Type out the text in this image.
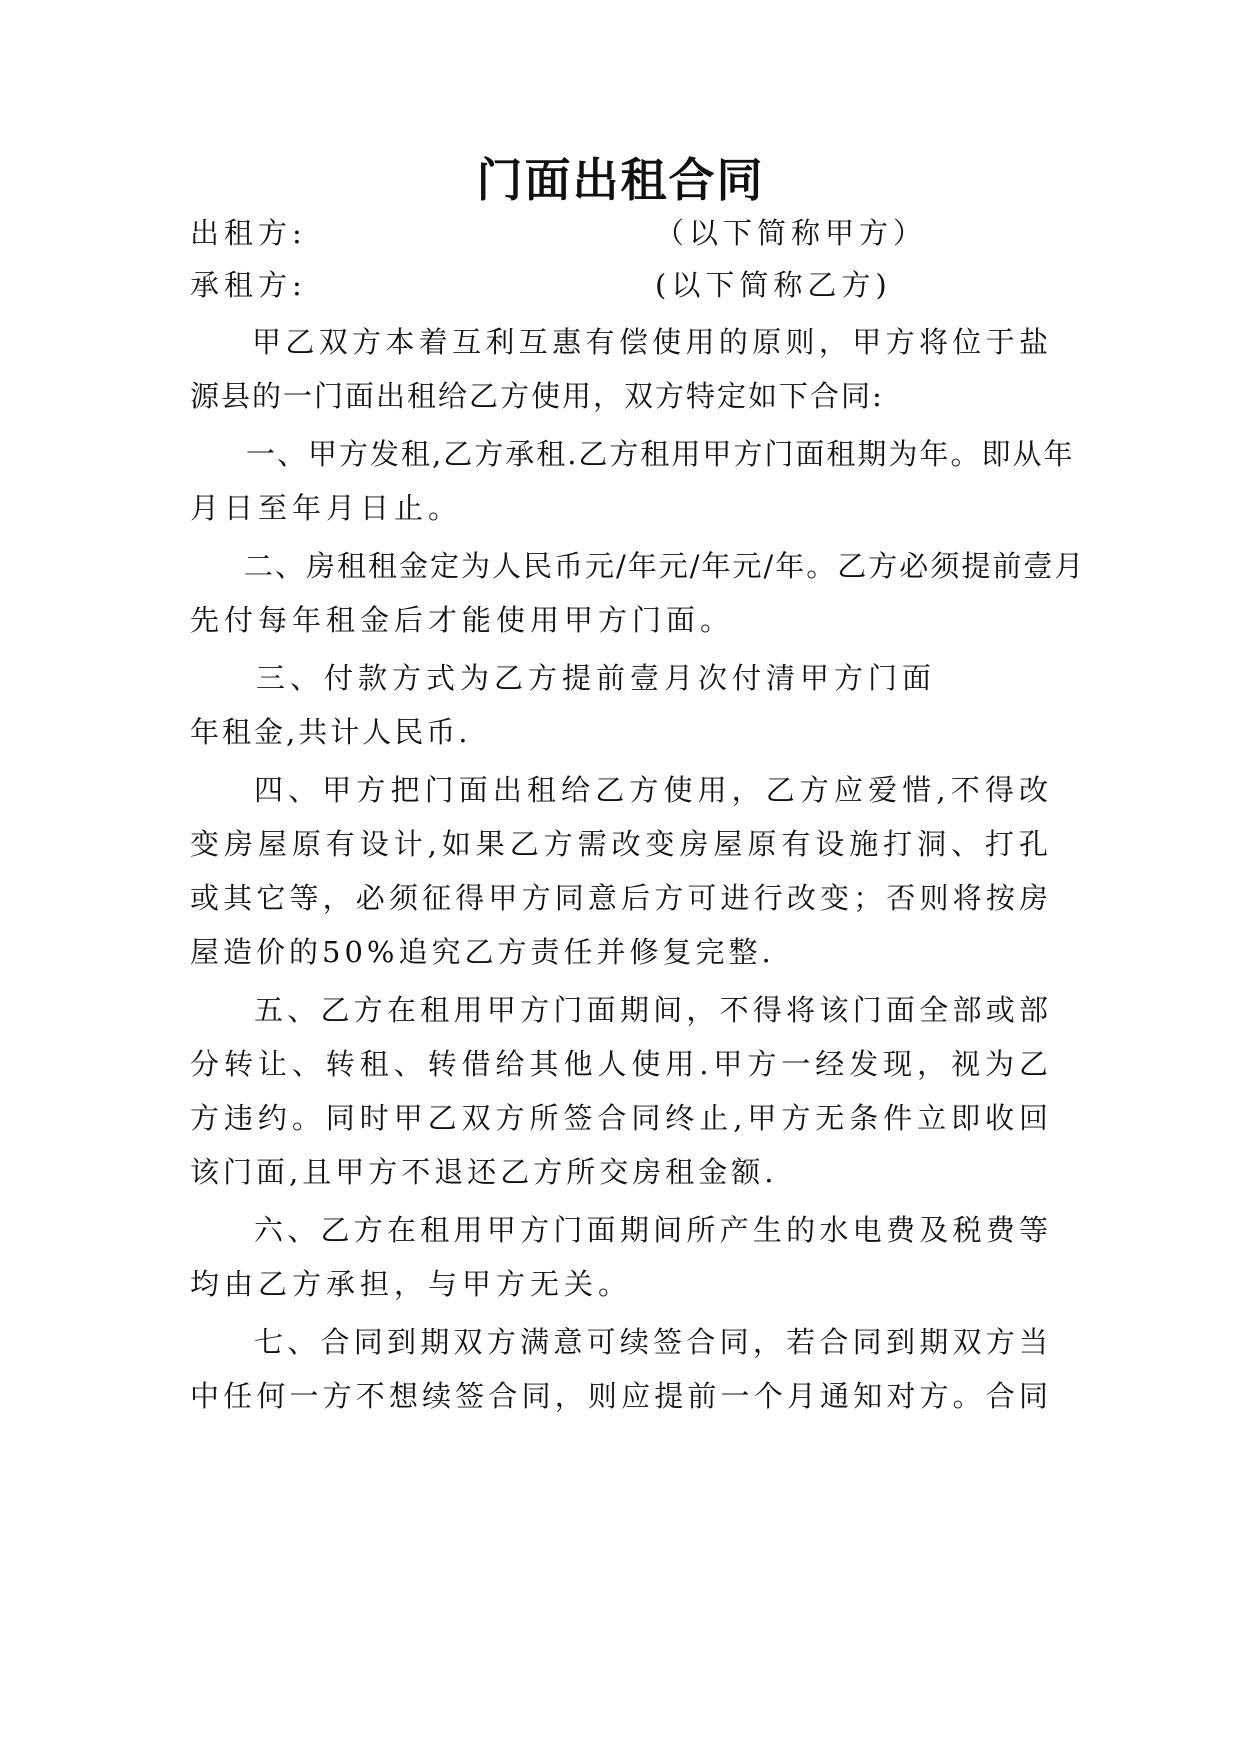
门面出租合同
出租方:	（以下简称甲方）
承租方:	(以下简称乙方)
甲乙双方本着互利互惠有偿使用的原则，甲方将位于盐
源县的一门面出租给乙方使用，双方特定如下合同:
一、甲方发租,乙方承租.乙方租用甲方门面租期为年。即从年
月日至年月日止。
二、房租租金定为人民币元/年元/年元/年。乙方必须提前壹月
先付每年租金后才能使用甲方门面。
三、付款方式为乙方提前壹月次付清甲方门面
年租金,共计人民币.
四、甲方把门面出租给乙方使用，乙方应爱惜,不得改
变房屋原有设计,如果乙方需改变房屋原有设施打洞、打孔
或其它等，必须征得甲方同意后方可进行改变；否则将按房
屋造价的50%追究乙方责任并修复完整.
五、乙方在租用甲方门面期间，不得将该门面全部或部
分转让、转租、转借给其他人使用.甲方一经发现，视为乙
方违约。同时甲乙双方所签合同终止,甲方无条件立即收回
该门面,且甲方不退还乙方所交房租金额.
六、乙方在租用甲方门面期间所产生的水电费及税费等
均由乙方承担，与甲方无关。
七、合同到期双方满意可续签合同，若合同到期双方当
中任何一方不想续签合同，则应提前一个月通知对方。合同
